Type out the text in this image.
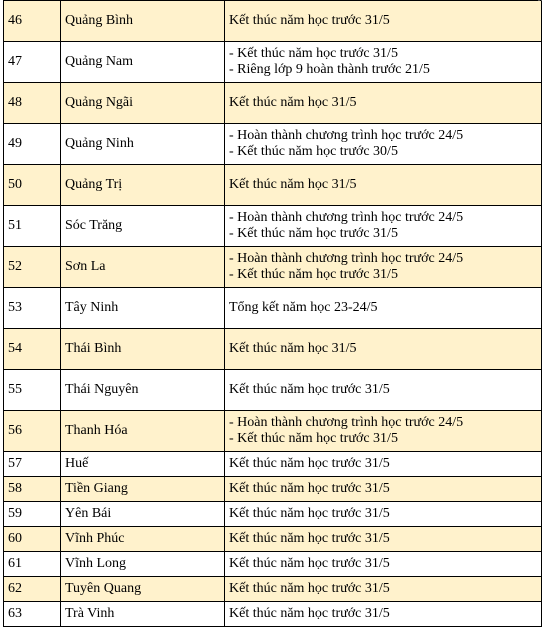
46	Quảng Bình	Kết thúc năm học trước 31/5

47	Quảng Nam	- Kết thúc năm học trước 31/5
- Riêng lớp 9 hoàn thành trước 21/5

48	Quảng Ngãi	Kết thúc năm học 31/5

49	Quảng Ninh	- Hoàn thành chương trình học trước 24/5
- Kết thúc năm học trước 30/5

50	Quảng Trị	Kết thúc năm học 31/5

51	Sóc Trăng	- Hoàn thành chương trình học trước 24/5
- Kết thúc năm học trước 31/5

52	Sơn La	- Hoàn thành chương trình học trước 24/5
- Kết thúc năm học trước 31/5

53	Tây Ninh	Tổng kết năm học 23-24/5

54	Thái Bình	Kết thúc năm học 31/5

55	Thái Nguyên	Kết thúc năm học trước 31/5

56	Thanh Hóa	- Hoàn thành chương trình học trước 24/5
- Kết thúc năm học trước 31/5

57	Huế	Kết thúc năm học trước 31/5

58	Tiền Giang	Kết thúc năm học trước 31/5

59	Yên Bái	Kết thúc năm học trước 31/5

60	Vĩnh Phúc	Kết thúc năm học trước 31/5

61	Vĩnh Long	Kết thúc năm học trước 31/5

62	Tuyên Quang	Kết thúc năm học trước 31/5

63	Trà Vinh	Kết thúc năm học trước 31/5
